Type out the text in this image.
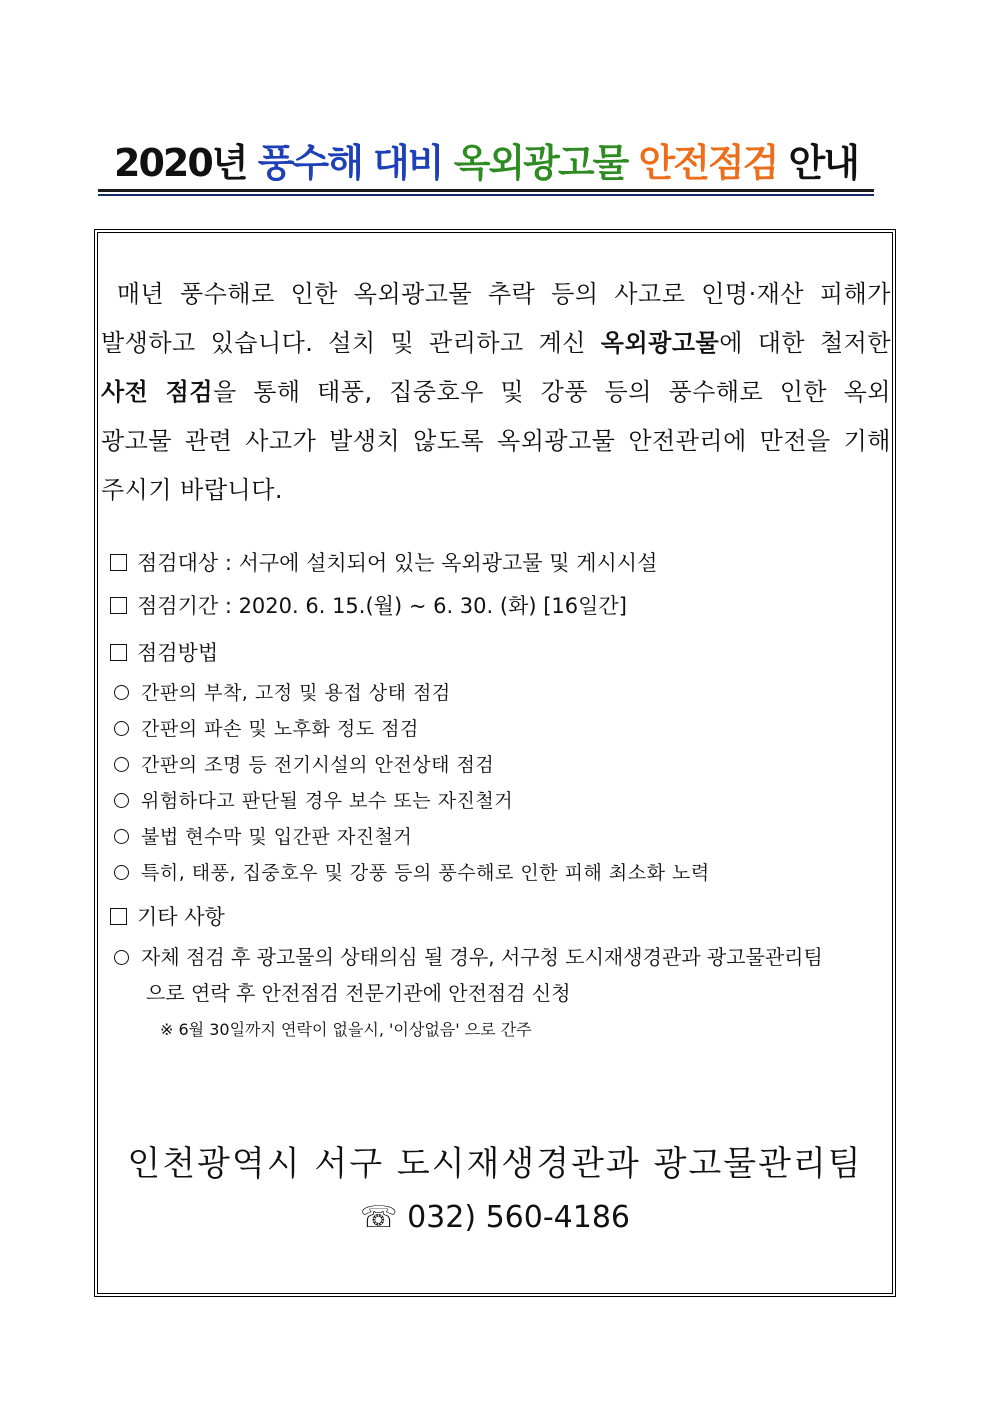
2020년 풍수해 대비 옥외광고물 안전점검 안내
매년 풍수해로 인한 옥외광고물 추락 등의 사고로 인명·재산 피해가
발생하고 있습니다. 설치 및 관리하고 계신 옥외광고물에 대한 철저한
사전 점검을 통해 태풍, 집중호우 및 강풍 등의 풍수해로 인한 옥외
광고물 관련 사고가 발생치 않도록 옥외광고물 안전관리에 만전을 기해
주시기 바랍니다.
점검대상 : 서구에 설치되어 있는 옥외광고물 및 게시시설
점검기간 : 2020. 6. 15.(월) ~ 6. 30. (화) [16일간]
점검방법
간판의 부착, 고정 및 용접 상태 점검
간판의 파손 및 노후화 정도 점검
간판의 조명 등 전기시설의 안전상태 점검
위험하다고 판단될 경우 보수 또는 자진철거
불법 현수막 및 입간판 자진철거
특히, 태풍, 집중호우 및 강풍 등의 풍수해로 인한 피해 최소화 노력
기타 사항
자체 점검 후 광고물의 상태의심 될 경우, 서구청 도시재생경관과 광고물관리팀
으로 연락 후 안전점검 전문기관에 안전점검 신청
※ 6월 30일까지 연락이 없을시, '이상없음' 으로 간주
인천광역시 서구 도시재생경관과 광고물관리팀
☏ 032) 560-4186
